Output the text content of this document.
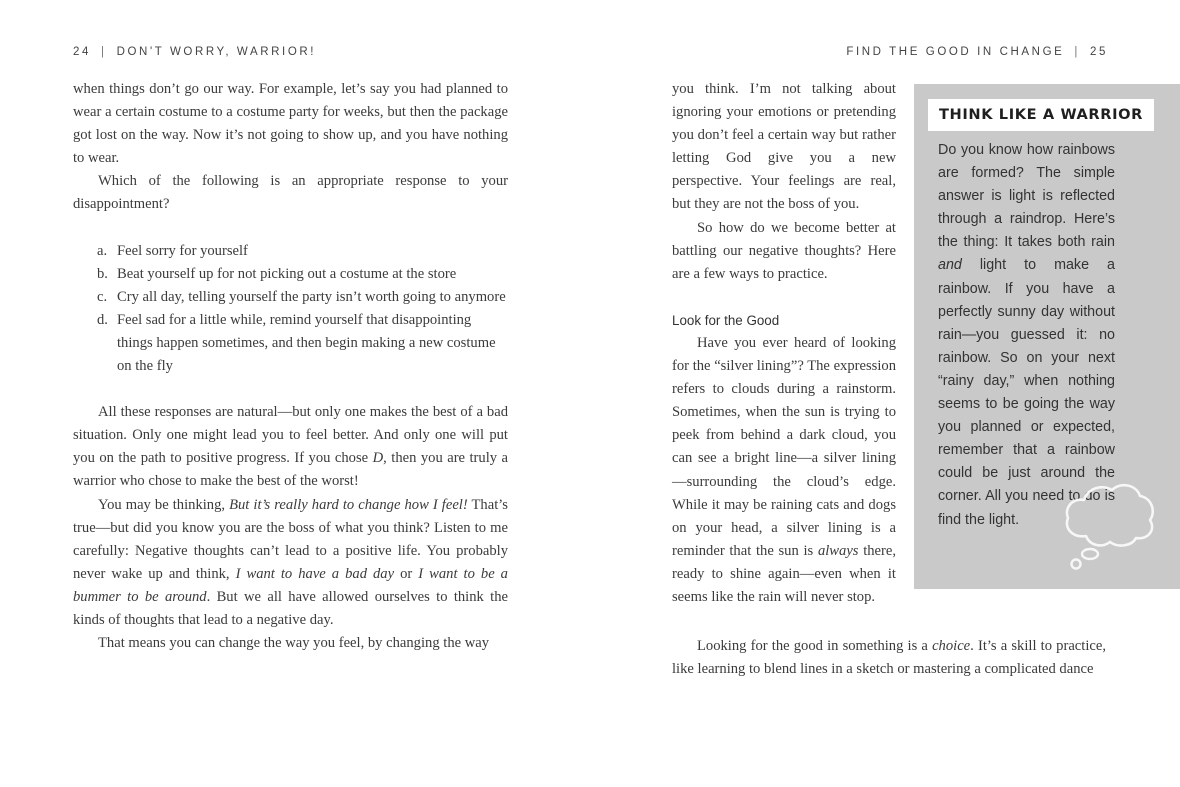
24 | DON'T WORRY, WARRIOR!

when things don’t go our way. For example, let’s say you had planned to wear a certain costume to a costume party for weeks, but then the package got lost on the way. Now it’s not going to show up, and you have nothing to wear.

Which of the following is an appropriate response to your disappointment?

a. Feel sorry for yourself
b. Beat yourself up for not picking out a costume at the store
c. Cry all day, telling yourself the party isn’t worth going to anymore
d. Feel sad for a little while, remind yourself that disappointing things happen sometimes, and then begin making a new costume on the fly

All these responses are natural—but only one makes the best of a bad situation. Only one might lead you to feel better. And only one will put you on the path to positive progress. If you chose D, then you are truly a warrior who chose to make the best of the worst!

You may be thinking, But it’s really hard to change how I feel! That’s true—but did you know you are the boss of what you think? Listen to me carefully: Negative thoughts can’t lead to a positive life. You probably never wake up and think, I want to have a bad day or I want to be a bummer to be around. But we all have allowed ourselves to think the kinds of thoughts that lead to a negative day.

That means you can change the way you feel, by changing the way

FIND THE GOOD IN CHANGE | 25

you think. I’m not talking about ignoring your emotions or pretending you don’t feel a certain way but rather letting God give you a new perspective. Your feelings are real, but they are not the boss of you.

So how do we become better at battling our negative thoughts? Here are a few ways to practice.

Look for the Good

Have you ever heard of looking for the “silver lining”? The expression refers to clouds during a rainstorm. Sometimes, when the sun is trying to peek from behind a dark cloud, you can see a bright line—a silver lining—surrounding the cloud’s edge. While it may be raining cats and dogs on your head, a silver lining is a reminder that the sun is always there, ready to shine again—even when it seems like the rain will never stop.

Looking for the good in something is a choice. It’s a skill to practice, like learning to blend lines in a sketch or mastering a complicated dance

THINK LIKE A WARRIOR

Do you know how rainbows are formed? The simple answer is light is reflected through a raindrop. Here’s the thing: It takes both rain and light to make a rainbow. If you have a perfectly sunny day without rain—you guessed it: no rainbow. So on your next “rainy day,” when nothing seems to be going the way you planned or expected, remember that a rainbow could be just around the corner. All you need to do is find the light.
